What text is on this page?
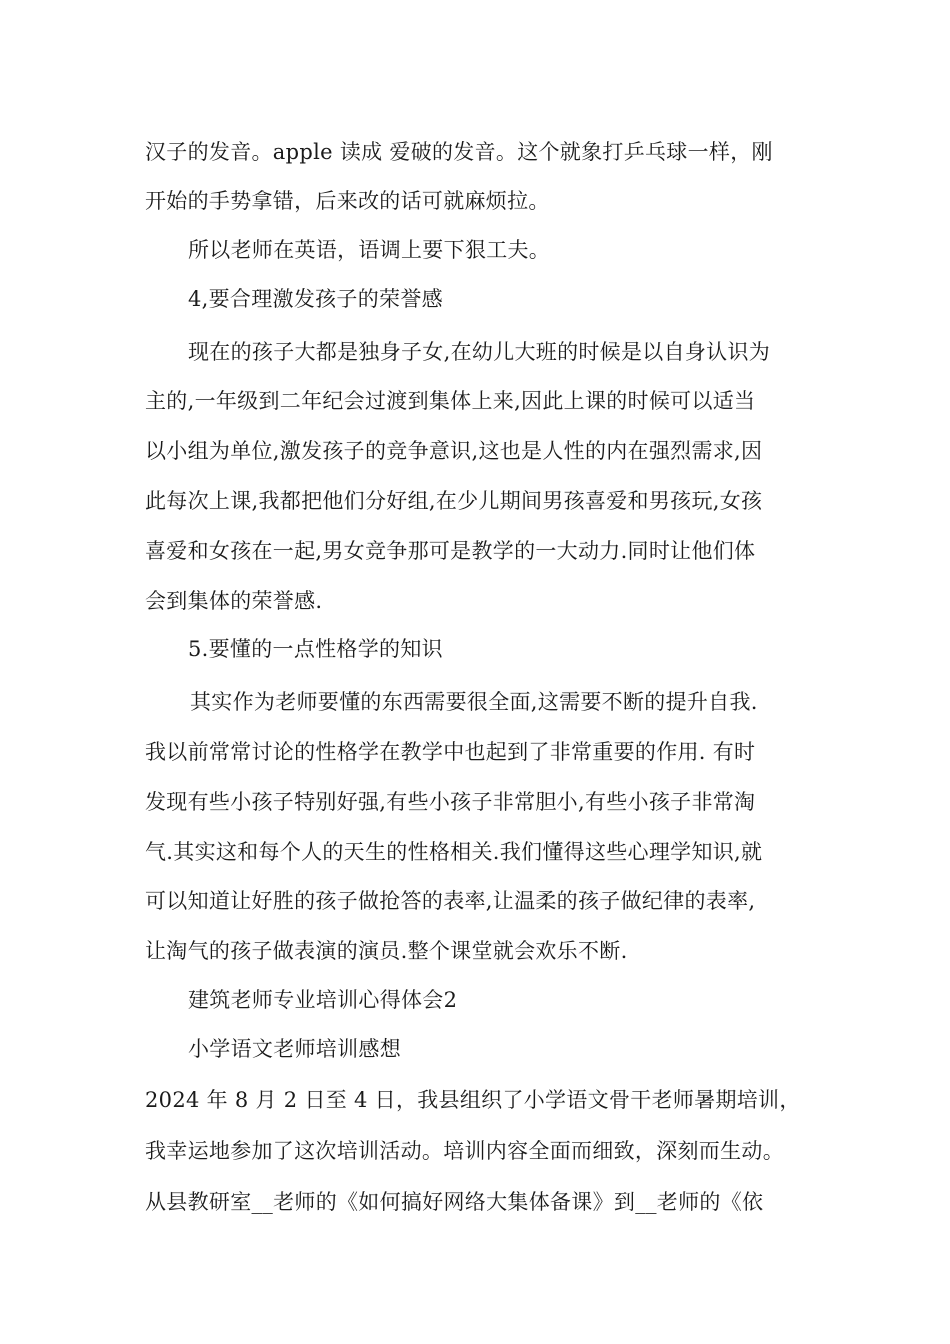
汉子的发音。apple 读成 爱破的发音。这个就象打乒乓球一样，刚
开始的手势拿错，后来改的话可就麻烦拉。
所以老师在英语，语调上要下狠工夫。
4,要合理激发孩子的荣誉感
现在的孩子大都是独身子女,在幼儿大班的时候是以自身认识为
主的,一年级到二年纪会过渡到集体上来,因此上课的时候可以适当
以小组为单位,激发孩子的竞争意识,这也是人性的内在强烈需求,因
此每次上课,我都把他们分好组,在少儿期间男孩喜爱和男孩玩,女孩
喜爱和女孩在一起,男女竞争那可是教学的一大动力.同时让他们体
会到集体的荣誉感.
5.要懂的一点性格学的知识
其实作为老师要懂的东西需要很全面,这需要不断的提升自我.
我以前常常讨论的性格学在教学中也起到了非常重要的作用. 有时
发现有些小孩子特别好强,有些小孩子非常胆小,有些小孩子非常淘
气.其实这和每个人的天生的性格相关.我们懂得这些心理学知识,就
可以知道让好胜的孩子做抢答的表率,让温柔的孩子做纪律的表率,
让淘气的孩子做表演的演员.整个课堂就会欢乐不断.
建筑老师专业培训心得体会2
小学语文老师培训感想
2024 年 8 月 2 日至 4 日，我县组织了小学语文骨干老师暑期培训，
我幸运地参加了这次培训活动。培训内容全面而细致，深刻而生动。
从县教研室__老师的《如何搞好网络大集体备课》到__老师的《依
